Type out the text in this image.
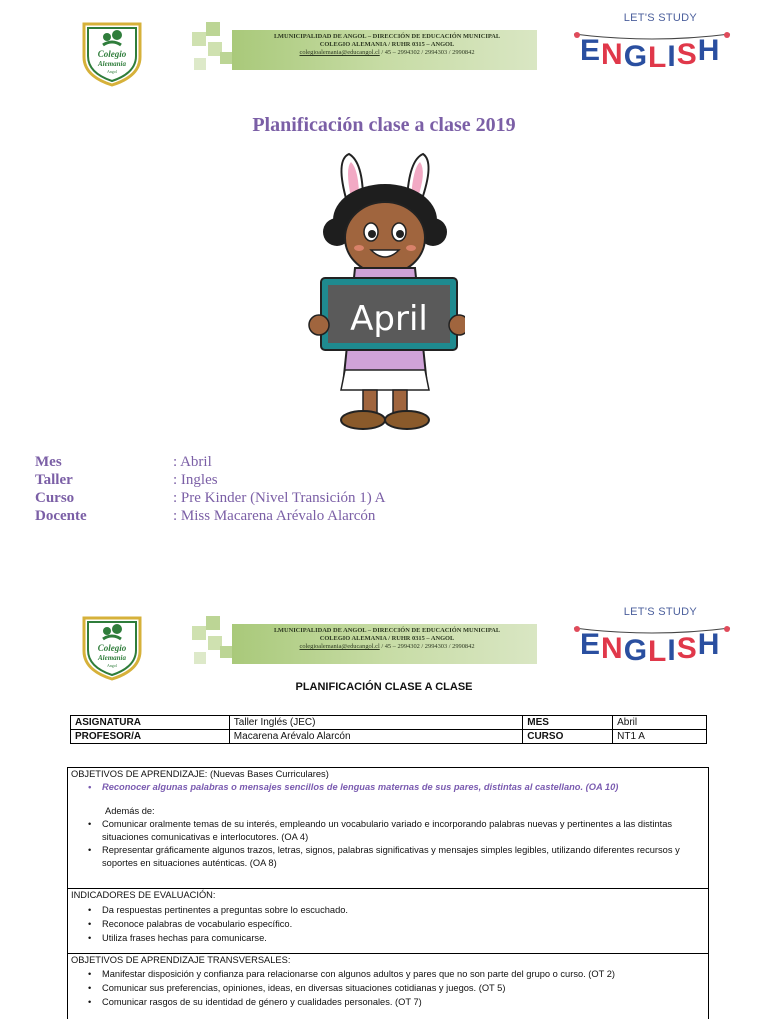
Colegio
Alemania
Angol
I.MUNICIPALIDAD DE ANGOL – DIRECCIÓN DE EDUCACIÓN MUNICIPAL
COLEGIO ALEMANIA / RUHR 0315 – ANGOL
colegioalemania@educangol.cl / 45 – 2994302 / 2994303 / 2990842
LET'S STUDY
E N G L I S H
Planificación clase a clase 2019
April
Mes	: Abril
Taller	: Ingles
Curso	: Pre Kinder (Nivel Transición 1) A
Docente	: Miss Macarena Arévalo Alarcón
Colegio
Alemania
Angol
I.MUNICIPALIDAD DE ANGOL – DIRECCIÓN DE EDUCACIÓN MUNICIPAL
COLEGIO ALEMANIA / RUHR 0315 – ANGOL
colegioalemania@educangol.cl / 45 – 2994302 / 2994303 / 2990842
LET'S STUDY
E N G L I S H
PLANIFICACIÓN CLASE A CLASE
ASIGNATURA	Taller Inglés (JEC)	MES	Abril
PROFESOR/A	Macarena Arévalo Alarcón	CURSO	NT1 A
OBJETIVOS DE APRENDIZAJE: (Nuevas Bases Curriculares)
• Reconocer algunas palabras o mensajes sencillos de lenguas maternas de sus pares, distintas al castellano. (OA 10)
Además de:
• Comunicar oralmente temas de su interés, empleando un vocabulario variado e incorporando palabras nuevas y pertinentes a las distintas situaciones comunicativas e interlocutores. (OA 4)
• Representar gráficamente algunos trazos, letras, signos, palabras significativas y mensajes simples legibles, utilizando diferentes recursos y soportes en situaciones auténticas. (OA 8)
INDICADORES DE EVALUACIÓN:
• Da respuestas pertinentes a preguntas sobre lo escuchado.
• Reconoce palabras de vocabulario específico.
• Utiliza frases hechas para comunicarse.
OBJETIVOS DE APRENDIZAJE TRANSVERSALES:
• Manifestar disposición y confianza para relacionarse con algunos adultos y pares que no son parte del grupo o curso. (OT 2)
• Comunicar sus preferencias, opiniones, ideas, en diversas situaciones cotidianas y juegos. (OT 5)
• Comunicar rasgos de su identidad de género y cualidades personales. (OT 7)
